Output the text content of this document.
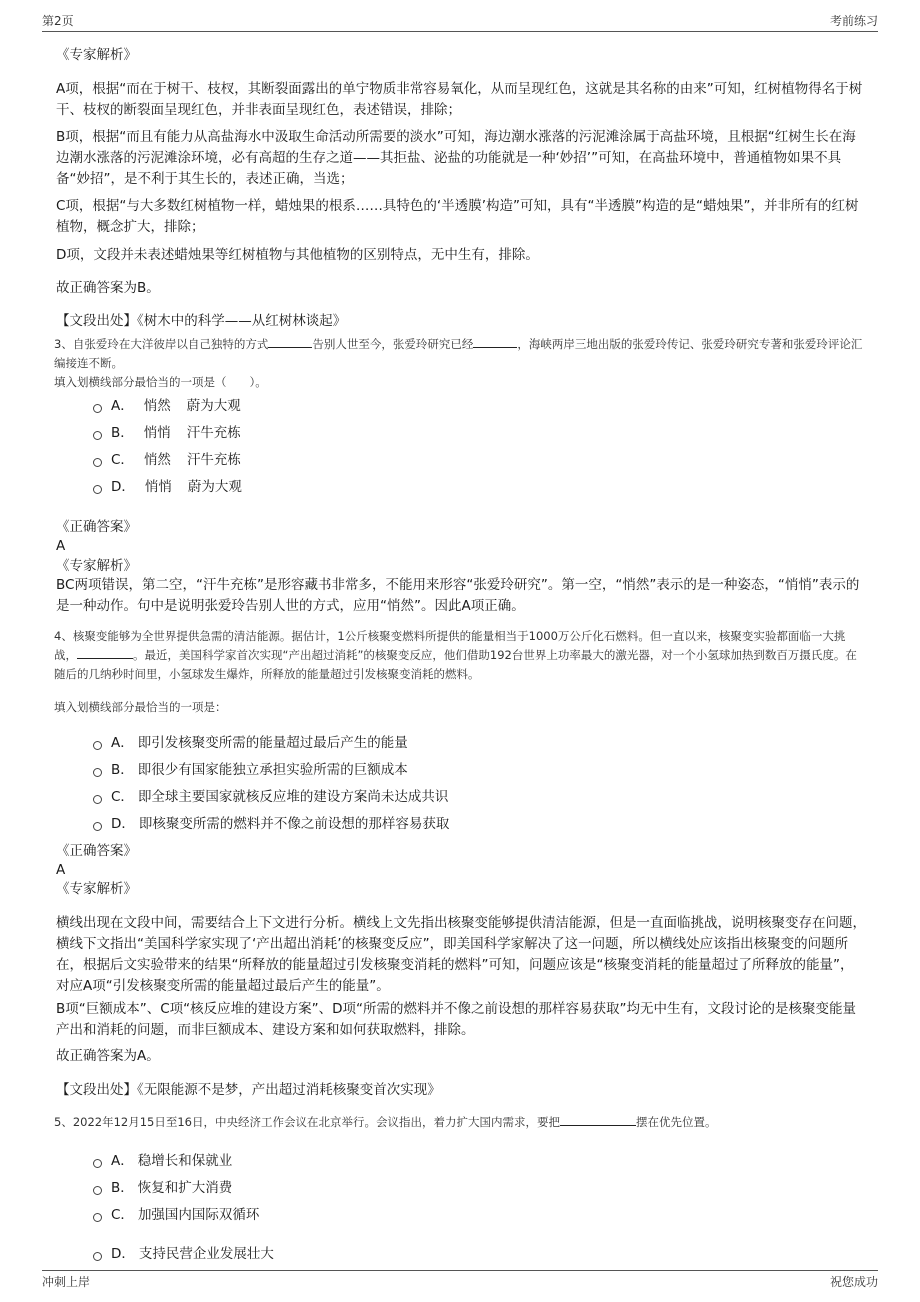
第2页	考前练习
《专家解析》
A项，根据“而在于树干、枝杈，其断裂面露出的单宁物质非常容易氧化，从而呈现红色，这就是其名称的由来”可知，红树植物得名于树干、枝杈的断裂面呈现红色，并非表面呈现红色，表述错误，排除；
B项，根据“而且有能力从高盐海水中汲取生命活动所需要的淡水”可知，海边潮水涨落的污泥滩涂属于高盐环境，且根据“红树生长在海边潮水涨落的污泥滩涂环境，必有高超的生存之道——其拒盐、泌盐的功能就是一种‘妙招’”可知，在高盐环境中，普通植物如果不具备“妙招”，是不利于其生长的，表述正确，当选；
C项，根据“与大多数红树植物一样，蜡烛果的根系……具特色的‘半透膜’构造”可知，具有“半透膜”构造的是“蜡烛果”，并非所有的红树植物，概念扩大，排除；
D项，文段并未表述蜡烛果等红树植物与其他植物的区别特点，无中生有，排除。
故正确答案为B。
【文段出处】《树木中的科学——从红树林谈起》
3、自张爱玲在大洋彼岸以自己独特的方式	告别人世至今，张爱玲研究已经	，海峡两岸三地出版的张爱玲传记、张爱玲研究专著和张爱玲评论汇编接连不断。
填入划横线部分最恰当的一项是（　　）。
A． 悄然 蔚为大观
B． 悄悄 汗牛充栋
C． 悄然 汗牛充栋
D． 悄悄 蔚为大观
《正确答案》
A
《专家解析》
BC两项错误，第二空，“汗牛充栋”是形容藏书非常多，不能用来形容“张爱玲研究”。第一空，“悄然”表示的是一种姿态，“悄悄”表示的是一种动作。句中是说明张爱玲告别人世的方式，应用“悄然”。因此A项正确。
4、核聚变能够为全世界提供急需的清洁能源。据估计，1公斤核聚变燃料所提供的能量相当于1000万公斤化石燃料。但一直以来，核聚变实验都面临一大挑战，	。最近，美国科学家首次实现“产出超过消耗”的核聚变反应，他们借助192台世界上功率最大的激光器，对一个小氢球加热到数百万摄氏度。在随后的几纳秒时间里，小氢球发生爆炸，所释放的能量超过引发核聚变消耗的燃料。
填入划横线部分最恰当的一项是：
A． 即引发核聚变所需的能量超过最后产生的能量
B． 即很少有国家能独立承担实验所需的巨额成本
C． 即全球主要国家就核反应堆的建设方案尚未达成共识
D． 即核聚变所需的燃料并不像之前设想的那样容易获取
《正确答案》
A
《专家解析》
横线出现在文段中间，需要结合上下文进行分析。横线上文先指出核聚变能够提供清洁能源，但是一直面临挑战，说明核聚变存在问题，横线下文指出“美国科学家实现了‘产出超出消耗’的核聚变反应”，即美国科学家解决了这一问题，所以横线处应该指出核聚变的问题所在，根据后文实验带来的结果“所释放的能量超过引发核聚变消耗的燃料”可知，问题应该是“核聚变消耗的能量超过了所释放的能量”，对应A项“引发核聚变所需的能量超过最后产生的能量”。
B项“巨额成本”、C项“核反应堆的建设方案”、D项“所需的燃料并不像之前设想的那样容易获取”均无中生有，文段讨论的是核聚变能量产出和消耗的问题，而非巨额成本、建设方案和如何获取燃料，排除。
故正确答案为A。
【文段出处】《无限能源不是梦，产出超过消耗核聚变首次实现》
5、2022年12月15日至16日，中央经济工作会议在北京举行。会议指出，着力扩大国内需求，要把	摆在优先位置。
A． 稳增长和保就业
B． 恢复和扩大消费
C． 加强国内国际双循环
D． 支持民营企业发展壮大
冲刺上岸	祝您成功
